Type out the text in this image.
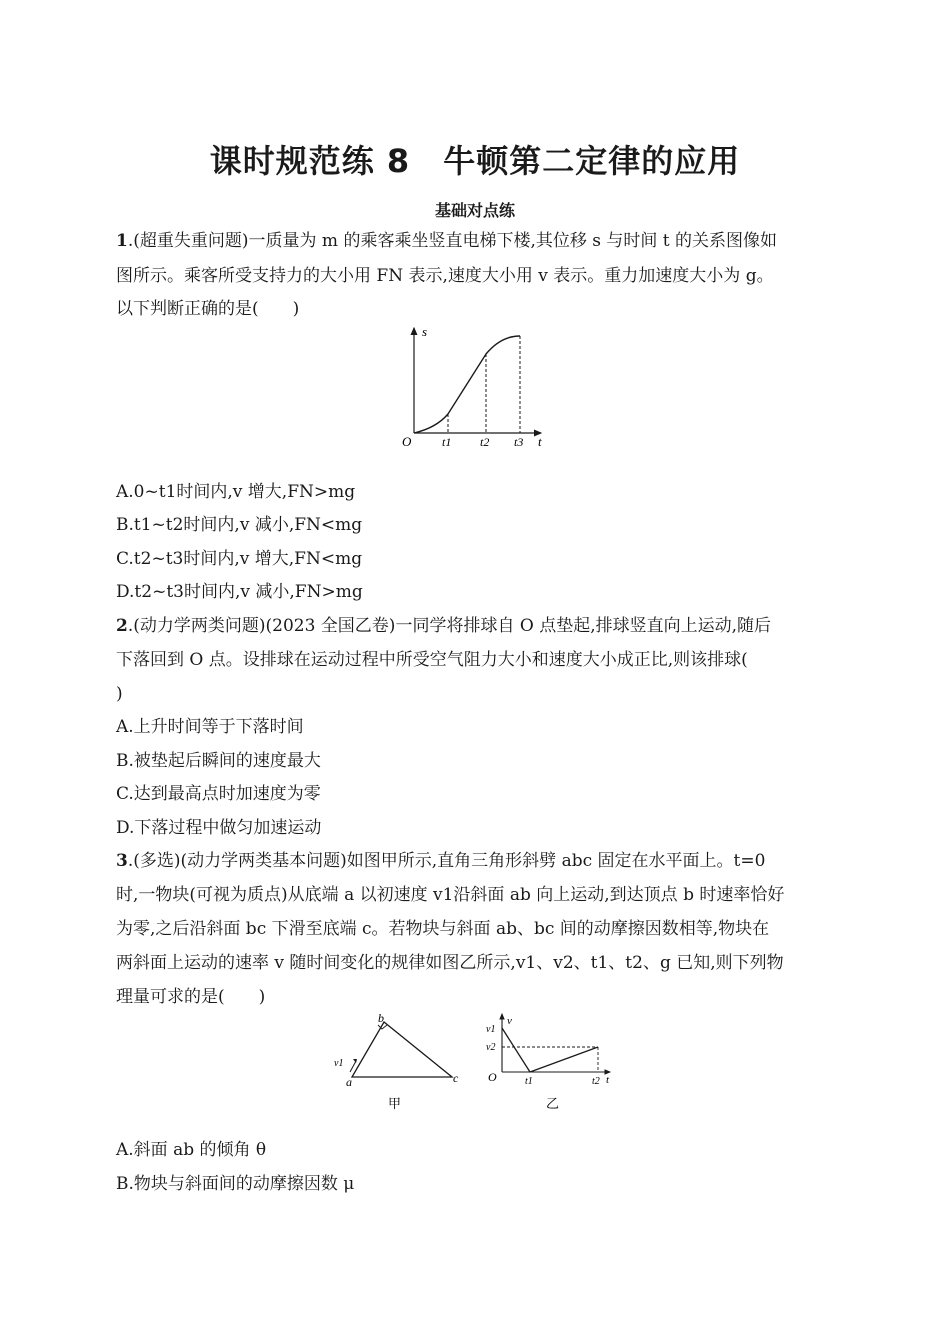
课时规范练 8　牛顿第二定律的应用
基础对点练
1.(超重失重问题)一质量为 m 的乘客乘坐竖直电梯下楼,其位移 s 与时间 t 的关系图像如
图所示。乘客所受支持力的大小用 FN 表示,速度大小用 v 表示。重力加速度大小为 g。
以下判断正确的是(　　)
s
t
O	t1 t2 t3
A.0~t1时间内,v 增大,FN>mg
B.t1~t2时间内,v 减小,FN<mg
C.t2~t3时间内,v 增大,FN<mg
D.t2~t3时间内,v 减小,FN>mg
2.(动力学两类问题)(2023 全国乙卷)一同学将排球自 O 点垫起,排球竖直向上运动,随后
下落回到 O 点。设排球在运动过程中所受空气阻力大小和速度大小成正比,则该排球(
)
A.上升时间等于下落时间
B.被垫起后瞬间的速度最大
C.达到最高点时加速度为零
D.下落过程中做匀加速运动
3.(多选)(动力学两类基本问题)如图甲所示,直角三角形斜劈 abc 固定在水平面上。t=0
时,一物块(可视为质点)从底端 a 以初速度 v1沿斜面 ab 向上运动,到达顶点 b 时速率恰好
为零,之后沿斜面 bc 下滑至底端 c。若物块与斜面 ab、bc 间的动摩擦因数相等,物块在
两斜面上运动的速率 v 随时间变化的规律如图乙所示,v1、v2、t1、t2、g 已知,则下列物
理量可求的是(　　)
a
b
c
v1
甲
v
t
O
v1
v2
t1	t2
乙
A.斜面 ab 的倾角 θ
B.物块与斜面间的动摩擦因数 μ
